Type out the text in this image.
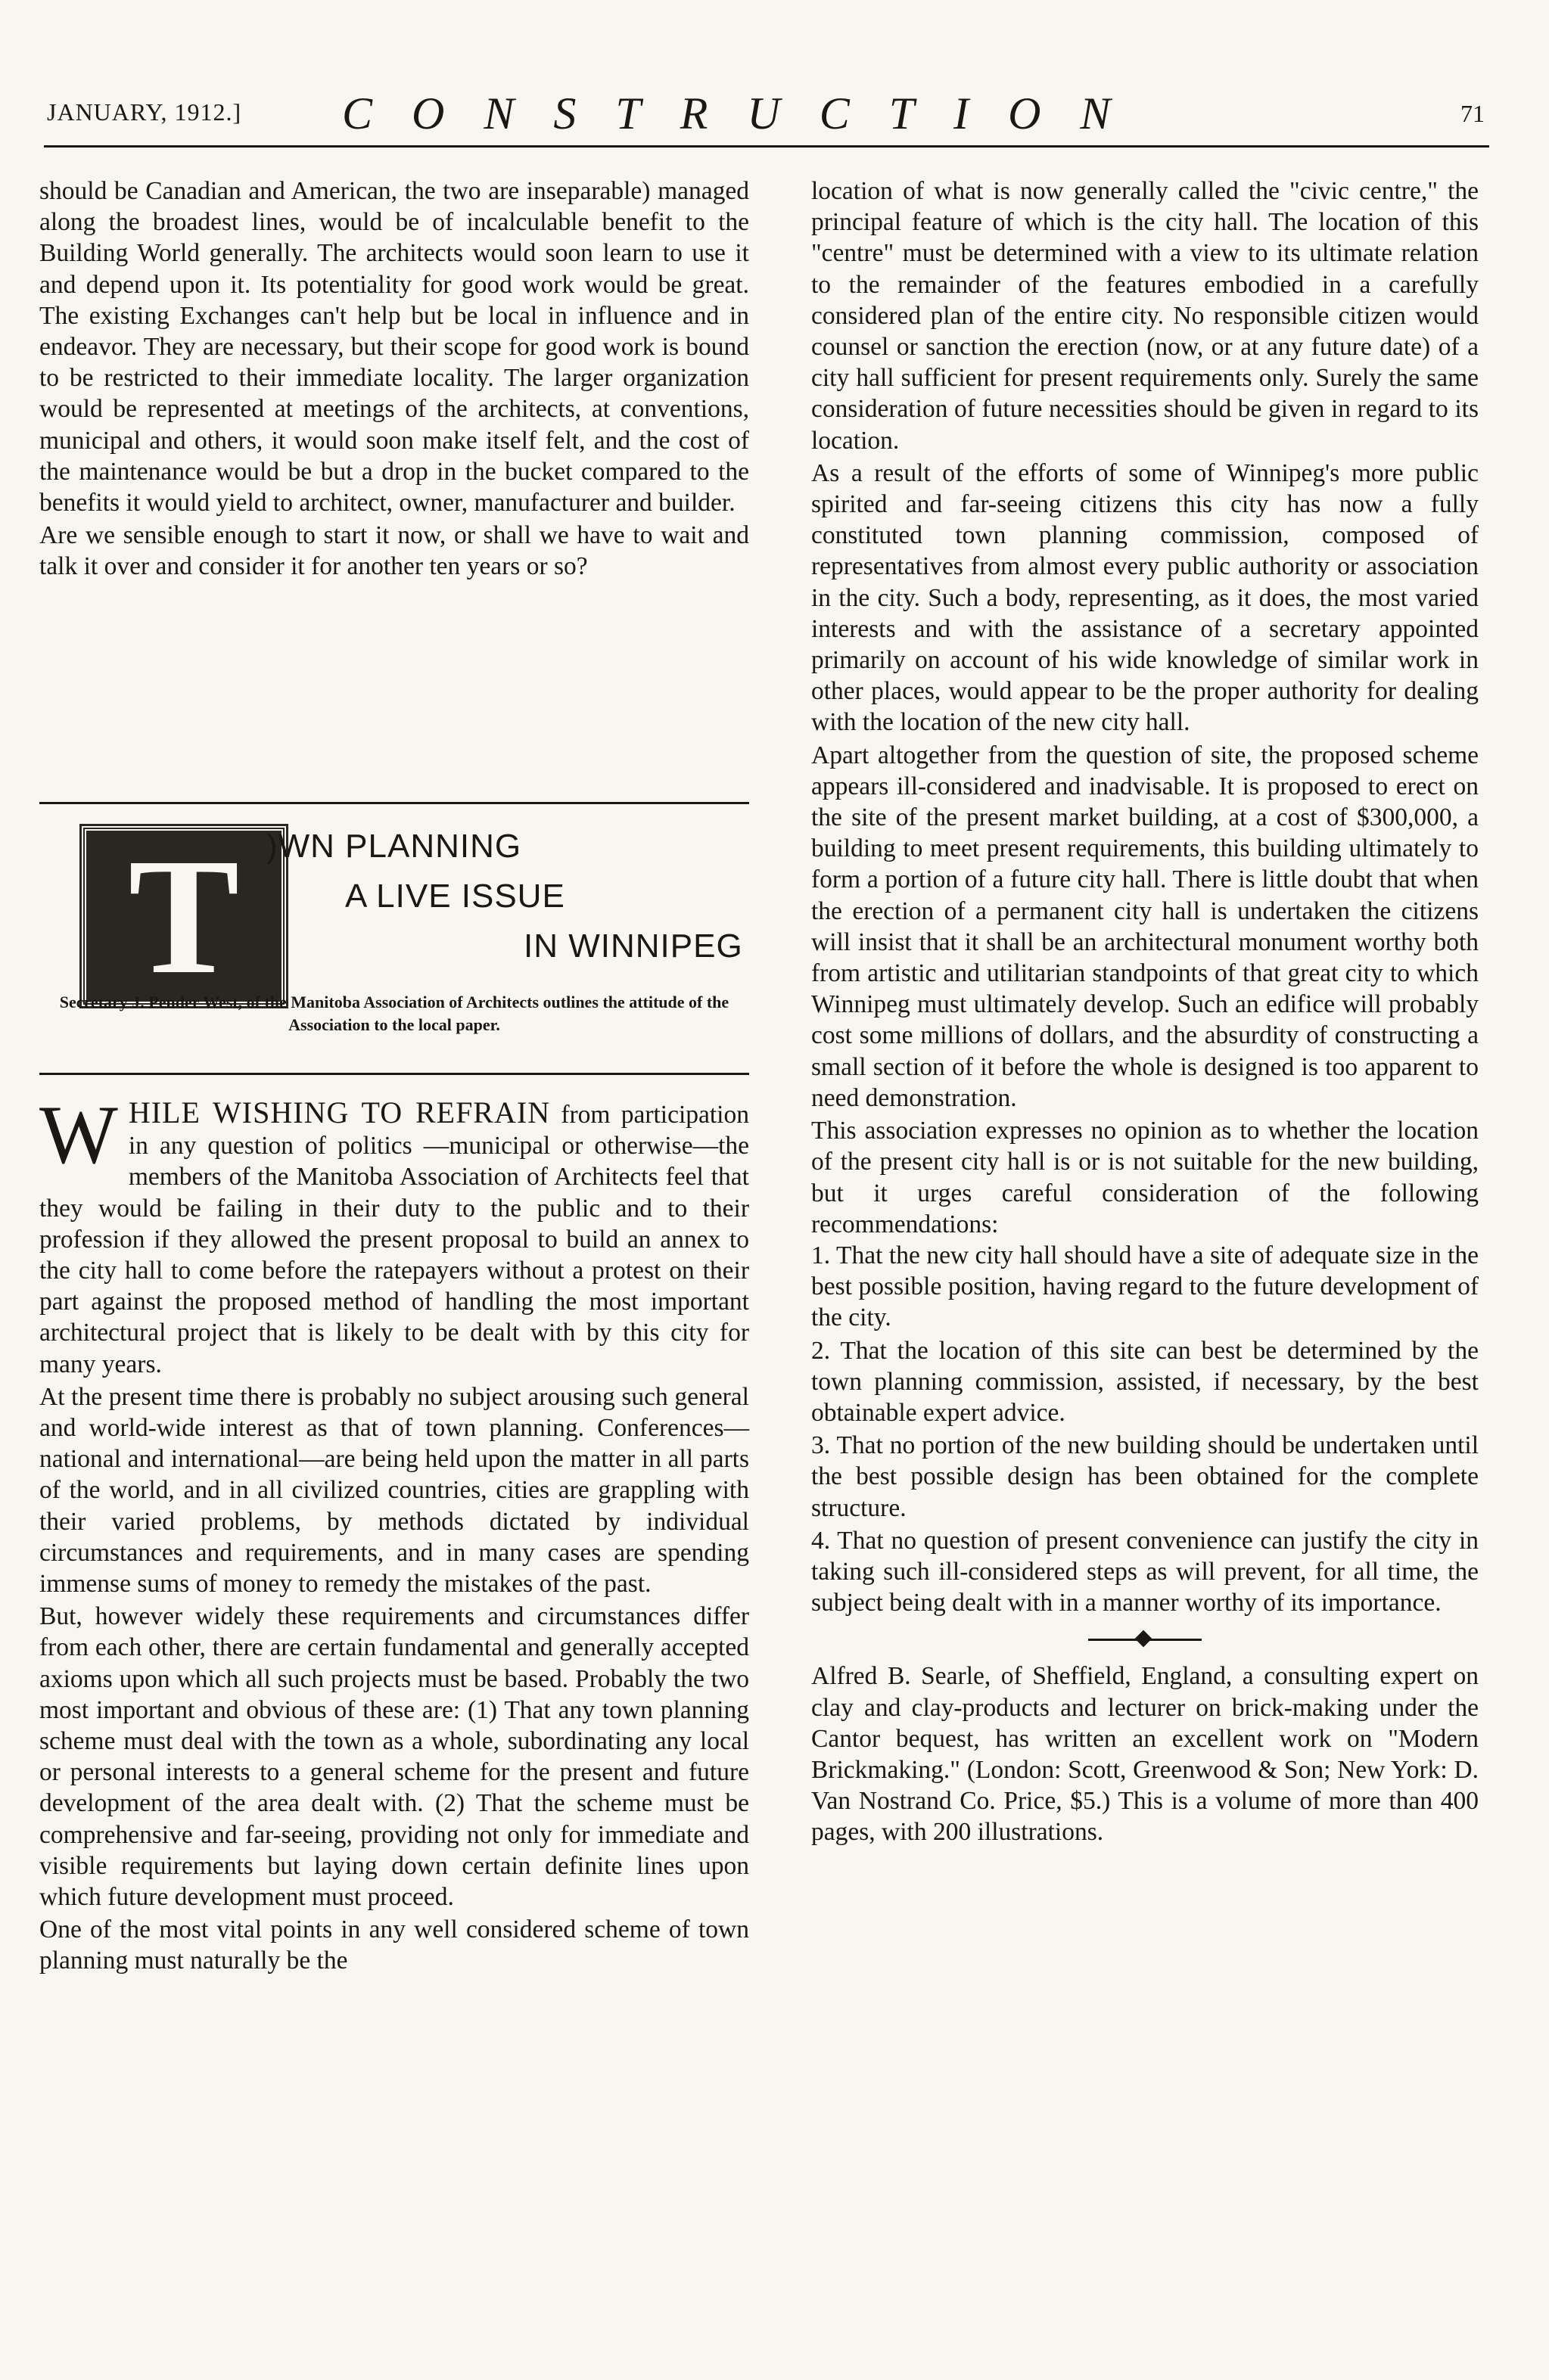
JANUARY, 1912.] CONSTRUCTION	71

should be Canadian and American, the two are inseparable) managed along the broadest lines, would be of incalculable benefit to the Building World generally. The architects would soon learn to use it and depend upon it. Its potentiality for good work would be great. The existing Exchanges can't help but be local in influence and in endeavor. They are necessary, but their scope for good work is bound to be restricted to their immediate locality. The larger organization would be represented at meetings of the architects, at conventions, municipal and others, it would soon make itself felt, and the cost of the maintenance would be but a drop in the bucket compared to the benefits it would yield to architect, owner, manufacturer and builder.

Are we sensible enough to start it now, or shall we have to wait and talk it over and consider it for another ten years or so?

T )WN PLANNING
A LIVE ISSUE
IN WINNIPEG
Secretary J. Pender West, of the Manitoba Association of Architects outlines the attitude of the Association to the local paper.

WHILE WISHING TO REFRAIN from participation in any question of politics —municipal or otherwise—the members of the Manitoba Association of Architects feel that they would be failing in their duty to the public and to their profession if they allowed the present proposal to build an annex to the city hall to come before the ratepayers without a protest on their part against the proposed method of handling the most important architectural project that is likely to be dealt with by this city for many years.

At the present time there is probably no subject arousing such general and world-wide interest as that of town planning. Conferences—national and international—are being held upon the matter in all parts of the world, and in all civilized countries, cities are grappling with their varied problems, by methods dictated by individual circumstances and requirements, and in many cases are spending immense sums of money to remedy the mistakes of the past.

But, however widely these requirements and circumstances differ from each other, there are certain fundamental and generally accepted axioms upon which all such projects must be based. Probably the two most important and obvious of these are: (1) That any town planning scheme must deal with the town as a whole, subordinating any local or personal interests to a general scheme for the present and future development of the area dealt with. (2) That the scheme must be comprehensive and far-seeing, providing not only for immediate and visible requirements but laying down certain definite lines upon which future development must proceed.

One of the most vital points in any well considered scheme of town planning must naturally be the

location of what is now generally called the "civic centre," the principal feature of which is the city hall. The location of this "centre" must be determined with a view to its ultimate relation to the remainder of the features embodied in a carefully considered plan of the entire city. No responsible citizen would counsel or sanction the erection (now, or at any future date) of a city hall sufficient for present requirements only. Surely the same consideration of future necessities should be given in regard to its location.

As a result of the efforts of some of Winnipeg's more public spirited and far-seeing citizens this city has now a fully constituted town planning commission, composed of representatives from almost every public authority or association in the city. Such a body, representing, as it does, the most varied interests and with the assistance of a secretary appointed primarily on account of his wide knowledge of similar work in other places, would appear to be the proper authority for dealing with the location of the new city hall.

Apart altogether from the question of site, the proposed scheme appears ill-considered and inadvisable. It is proposed to erect on the site of the present market building, at a cost of $300,000, a building to meet present requirements, this building ultimately to form a portion of a future city hall. There is little doubt that when the erection of a permanent city hall is undertaken the citizens will insist that it shall be an architectural monument worthy both from artistic and utilitarian standpoints of that great city to which Winnipeg must ultimately develop. Such an edifice will probably cost some millions of dollars, and the absurdity of constructing a small section of it before the whole is designed is too apparent to need demonstration.

This association expresses no opinion as to whether the location of the present city hall is or is not suitable for the new building, but it urges careful consideration of the following recommendations:

1. That the new city hall should have a site of adequate size in the best possible position, having regard to the future development of the city.

2. That the location of this site can best be determined by the town planning commission, assisted, if necessary, by the best obtainable expert advice.

3. That no portion of the new building should be undertaken until the best possible design has been obtained for the complete structure.

4. That no question of present convenience can justify the city in taking such ill-considered steps as will prevent, for all time, the subject being dealt with in a manner worthy of its importance.

Alfred B. Searle, of Sheffield, England, a consulting expert on clay and clay-products and lecturer on brick-making under the Cantor bequest, has written an excellent work on "Modern Brickmaking." (London: Scott, Greenwood & Son; New York: D. Van Nostrand Co. Price, $5.) This is a volume of more than 400 pages, with 200 illustrations.
